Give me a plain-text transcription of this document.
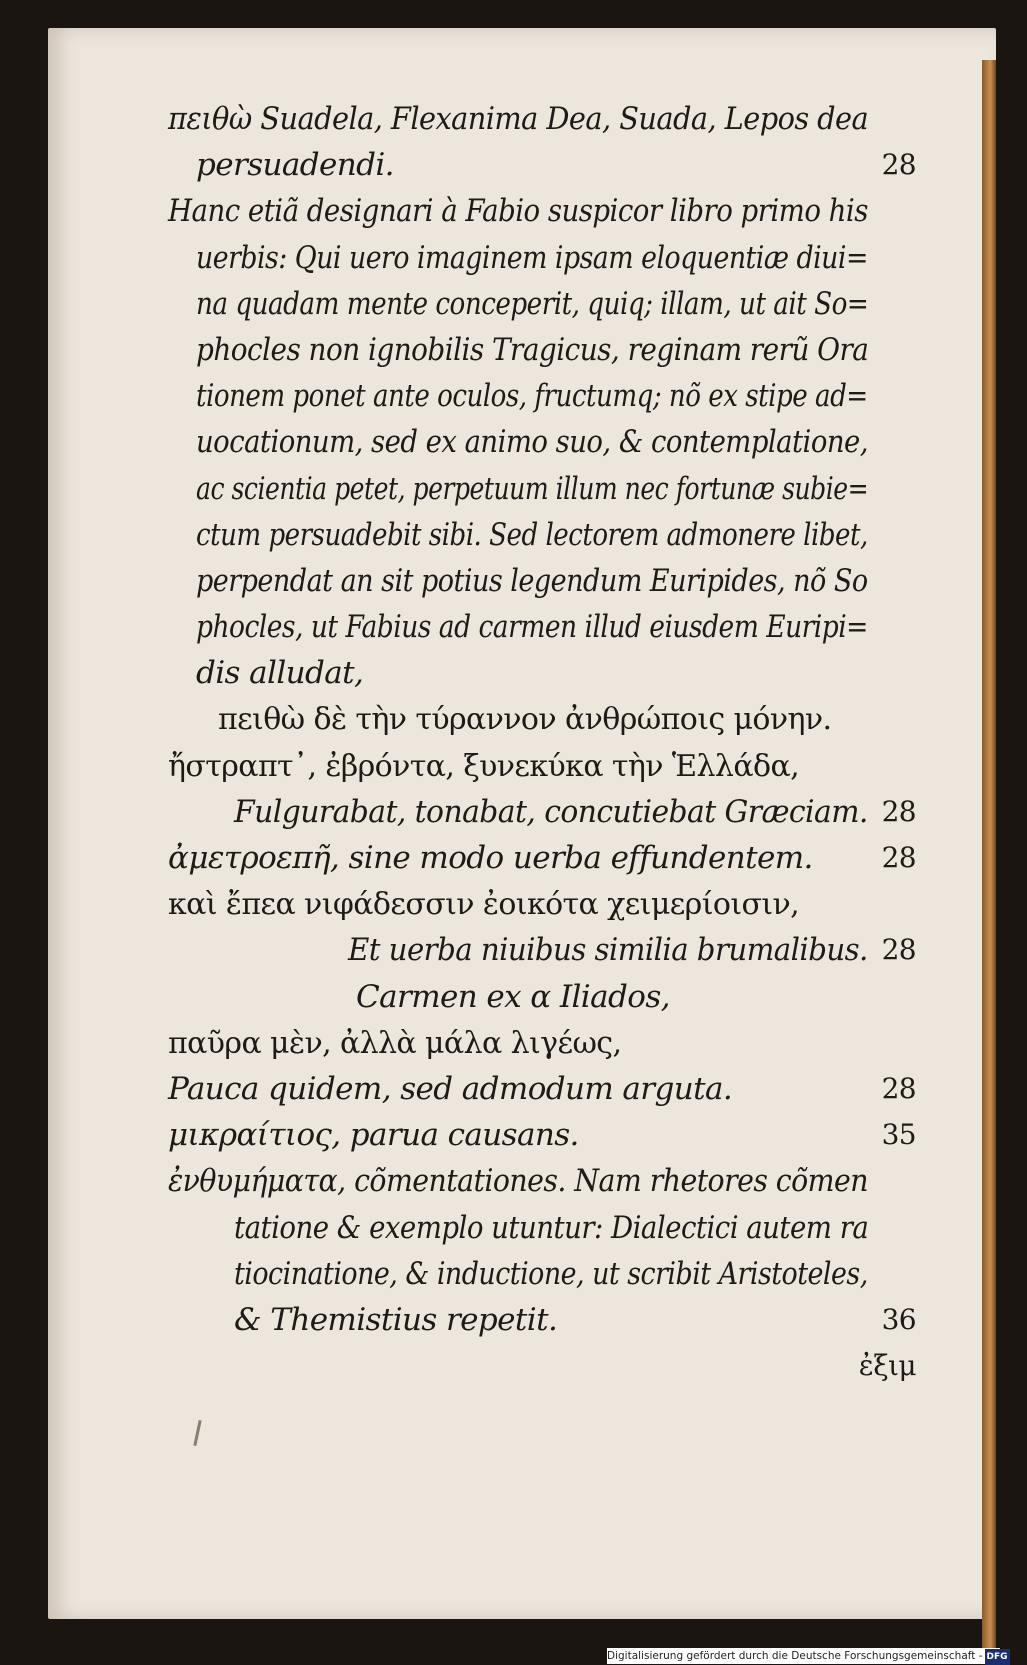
πειθὼ Suadela, Flexanima Dea, Suada, Lepos dea
persuadendi.	28
Hanc etiã designari à Fabio suspicor libro primo his
uerbis: Qui uero imaginem ipsam eloquentiæ diui=
na quadam mente conceperit, quiq; illam, ut ait So=
phocles non ignobilis Tragicus, reginam rerũ Ora
tionem ponet ante oculos, fructumq; nõ ex stipe ad=
uocationum, sed ex animo suo, & contemplatione,
ac scientia petet, perpetuum illum nec fortunæ subie=
ctum persuadebit sibi. Sed lectorem admonere libet,
perpendat an sit potius legendum Euripides, nõ So
phocles, ut Fabius ad carmen illud eiusdem Euripi=
dis alludat,
πειθὼ δὲ τὴν τύραννον ἀνθρώποις μόνην.
ἤστραπτ᾽, ἐβρόντα, ξυνεκύκα τὴν Ἑλλάδα,
Fulgurabat, tonabat, concutiebat Græciam. 28
ἀμετροεπῆ, sine modo uerba effundentem. 28
καὶ ἔπεα νιφάδεσσιν ἐοικότα χειμερίοισιν,
Et uerba niuibus similia brumalibus. 28
Carmen ex α Iliados,
παῦρα μὲν, ἀλλὰ μάλα λιγέως,
Pauca quidem, sed admodum arguta.	28
μικραίτιος, parua causans.	35
ἐνθυμήματα, cõmentationes. Nam rhetores cõmen
tatione & exemplo utuntur: Dialectici autem ra
tiocinatione, & inductione, ut scribit Aristoteles,
& Themistius repetit.	36
ἐξιμ
Digitalisierung gefördert durch die Deutsche Forschungsgemeinschaft - DFG
